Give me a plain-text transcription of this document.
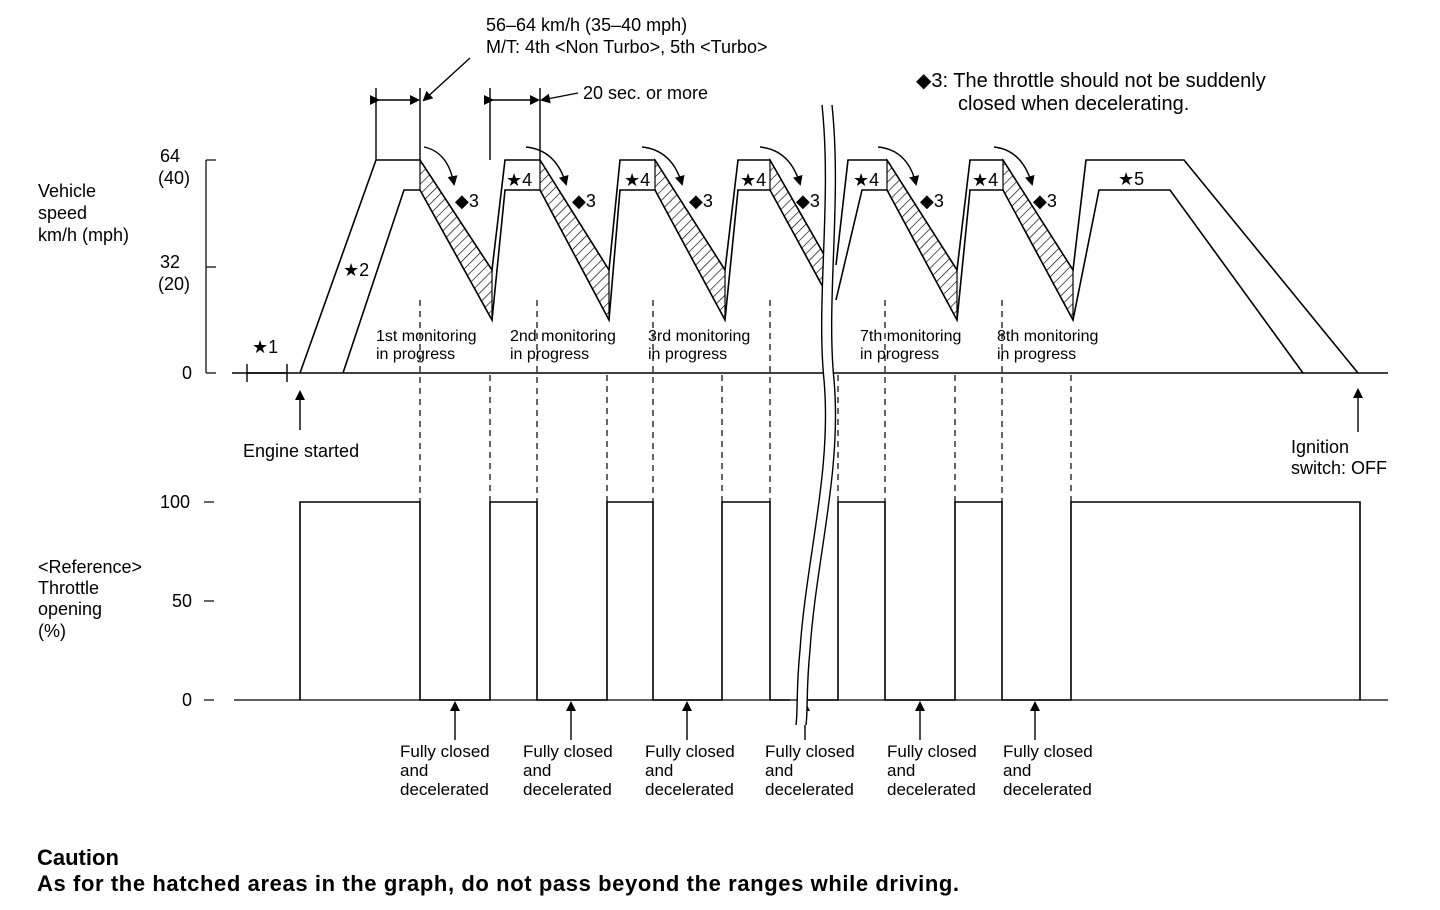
56–64 km/h (35–40 mph)
M/T: 4th <Non Turbo>, 5th <Turbo>
20 sec. or more
◆3: The throttle should not be suddenly
closed when decelerating.
Vehicle
speed
km/h (mph)
64
(40)
32
(20)
0
★1
★2
★4	★4	★4	★4	★4	★5
◆3	◆3	◆3	◆3	◆3	◆3
1st monitoring
in progress
2nd monitoring
in progress
3rd monitoring
in progress
7th monitoring
in progress
8th monitoring
in progress
Engine started	Ignition
switch: OFF
<Reference>
Throttle
opening
(%)
100
50
0
Fully closed
and
decelerated
Fully closed
and
decelerated
Fully closed
and
decelerated
Fully closed
and
decelerated
Fully closed
and
decelerated
Fully closed
and
decelerated
Caution
As for the hatched areas in the graph, do not pass beyond the ranges while driving.
